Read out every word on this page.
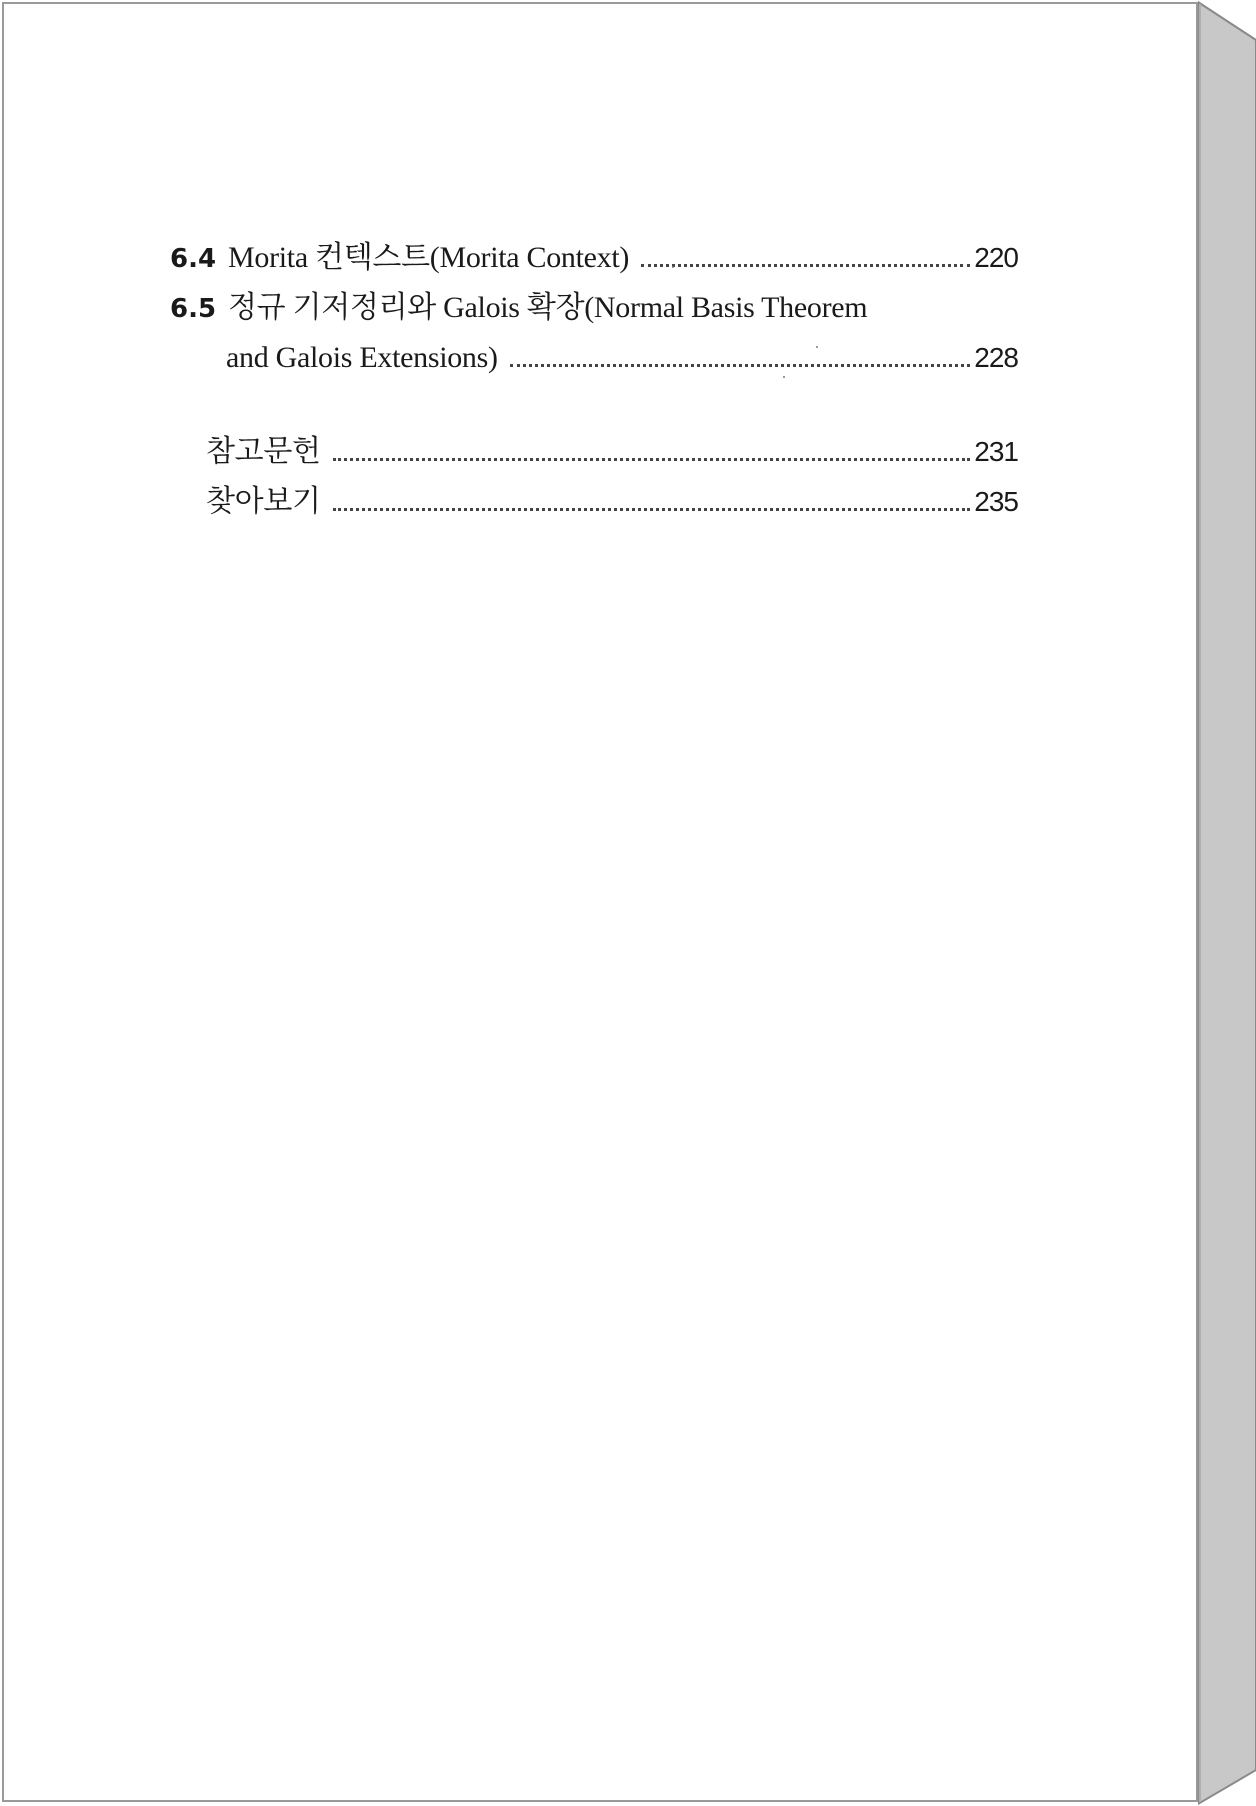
6.4 Morita 컨텍스트(Morita Context)	220
6.5 정규 기저정리와 Galois 확장(Normal Basis Theorem
and Galois Extensions)	228
참고문헌	231
찾아보기	235
